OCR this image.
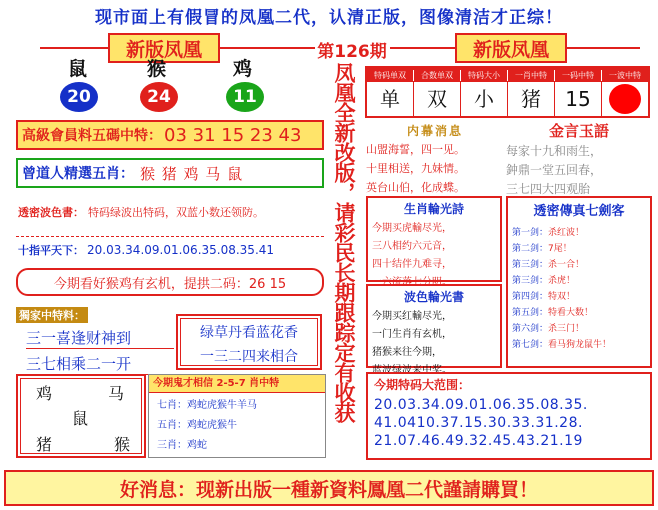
现市面上有假冒的凤凰二代，认清正版，图像清洁才正综！
新版凤凰	第126期	新版凤凰
鼠	猴	鸡
20	24	11
特码单双	合数单双	特码大小	一肖中特	一码中特	一波中特
单	双	小	猪	15
高級會員料五碼中特： 03 31 15 23 43
曾道人精選五肖： 猴 猪 鸡 马 鼠
透密波色書： 特码绿波出特码，双蓝小数还领防。
十指平天下： 20.03.34.09.01.06.35.08.35.41
今期看好猴鸡有玄机，提拱二码：26 15
獨家中特料：
三一喜逢财神到
三七相乘二一开
绿草丹看蓝花香
一三二四来相合
鸡	马
鼠
猪	猴
今期鬼才相信 2-5-7 肖中特
七肖： 鸡蛇虎猴牛羊马
五肖： 鸡蛇虎猴牛
三肖： 鸡蛇
凤凰全新改版，请彩民长期跟踪定有收获	内幕消息
山盟海誓，四一见。
十里相送，九妹情。
英台山伯，化成蝶。
金言玉語
每家十九和雨生，
鈡鼎一堂五回春，
三七四大四观胎
生肖輪光詩
今期买虎輸尽光，
三八相约六元音，
四十结伴九难寻，
一六流落七分明。
波色輪光書
今期买红輸尽光，
一门生肖有玄机，
猪猴来往今期，
蓝波绿波来中奖。
透密傳真七劍客
第一剑： 杀红波！
第二剑： 7尾！
第三剑： 杀一合！
第三剑： 杀虎！
第四剑： 特双！
第五剑： 特看大数！
第六剑： 杀三门！
第七剑： 看马狗龙鼠牛！
今期特码大范围：
20.03.34.09.01.06.35.08.35.
41.0410.37.15.30.33.31.28.
21.07.46.49.32.45.43.21.19
好消息：现新出版一種新資料鳳凰二代謹請購買！
